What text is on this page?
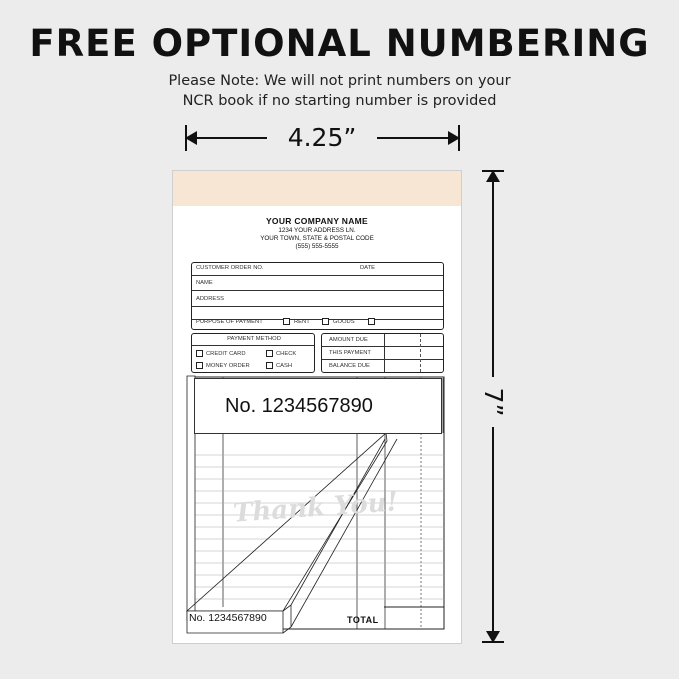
FREE OPTIONAL NUMBERING
Please Note: We will not print numbers on your
NCR book if no starting number is provided
4.25”
7”
YOUR COMPANY NAME
1234 YOUR ADDRESS LN.
YOUR TOWN, STATE & POSTAL CODE
(555) 555-5555
CUSTOMER ORDER NO.	DATE
NAME
ADDRESS
PURPOSE OF PAYMENT	RENT	GOODS
PAYMENT METHOD
CREDIT CARD	CHECK
MONEY ORDER	CASH
AMOUNT DUE
THIS PAYMENT
BALANCE DUE
Thank You!
No. 1234567890
No. 1234567890	TOTAL
